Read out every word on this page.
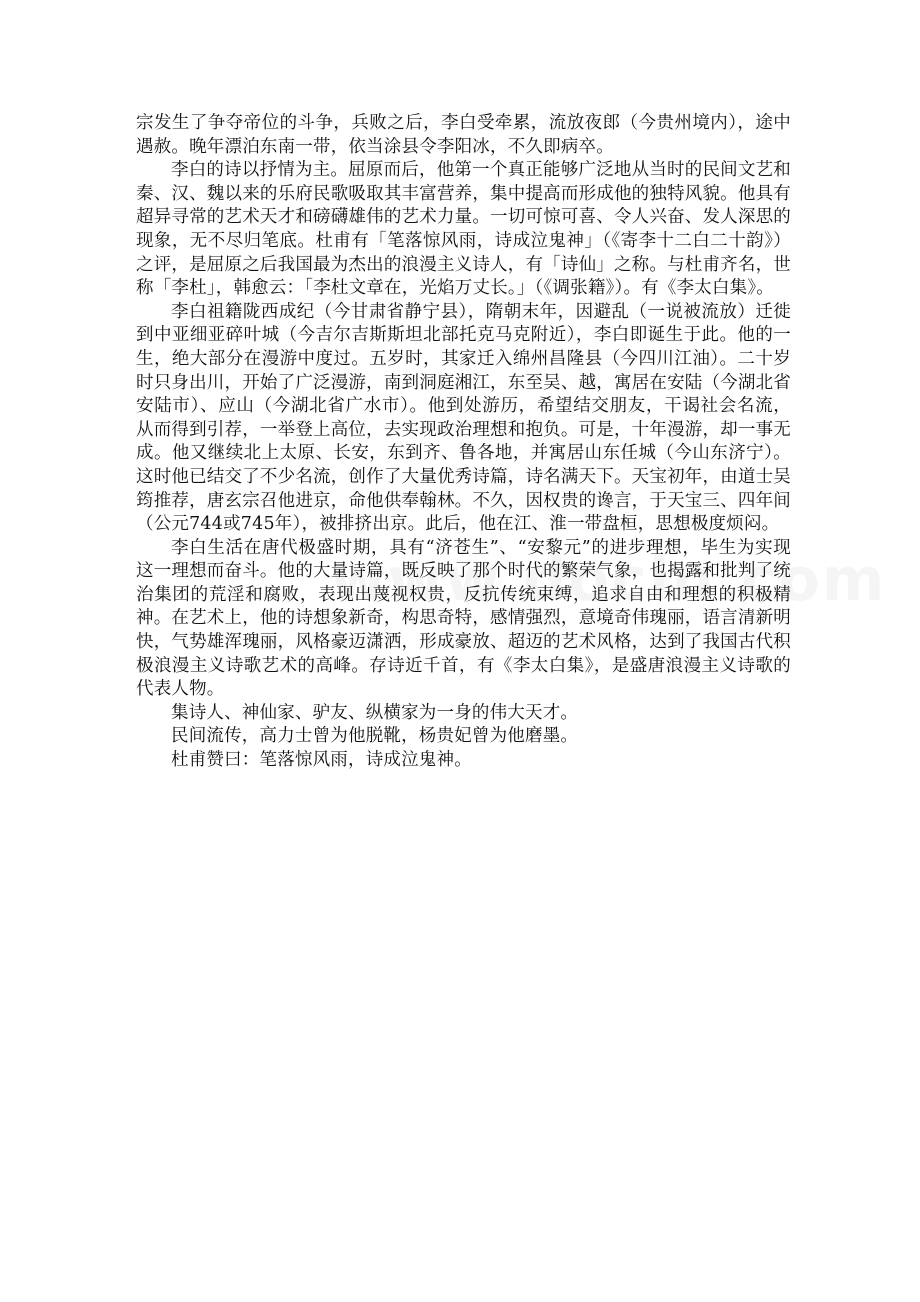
宗发生了争夺帝位的斗争，兵败之后，李白受牵累，流放夜郎（今贵州境内），途中遇赦。晚年漂泊东南一带，依当涂县令李阳冰，不久即病卒。

李白的诗以抒情为主。屈原而后，他第一个真正能够广泛地从当时的民间文艺和秦、汉、魏以来的乐府民歌吸取其丰富营养，集中提高而形成他的独特风貌。他具有超异寻常的艺术天才和磅礴雄伟的艺术力量。一切可惊可喜、令人兴奋、发人深思的现象，无不尽归笔底。杜甫有「笔落惊风雨，诗成泣鬼神」（《寄李十二白二十韵》）之评，是屈原之后我国最为杰出的浪漫主义诗人，有「诗仙」之称。与杜甫齐名，世称「李杜」，韩愈云：「李杜文章在，光焰万丈长。」（《调张籍》）。有《李太白集》。

李白祖籍陇西成纪（今甘肃省静宁县），隋朝末年，因避乱（一说被流放）迁徙到中亚细亚碎叶城（今吉尔吉斯斯坦北部托克马克附近），李白即诞生于此。他的一生，绝大部分在漫游中度过。五岁时，其家迁入绵州昌隆县（今四川江油）。二十岁时只身出川，开始了广泛漫游，南到洞庭湘江，东至吴、越，寓居在安陆（今湖北省安陆市）、应山（今湖北省广水市）。他到处游历，希望结交朋友，干谒社会名流，从而得到引荐，一举登上高位，去实现政治理想和抱负。可是，十年漫游，却一事无成。他又继续北上太原、长安，东到齐、鲁各地，并寓居山东任城（今山东济宁）。这时他已结交了不少名流，创作了大量优秀诗篇，诗名满天下。天宝初年，由道士吴筠推荐，唐玄宗召他进京，命他供奉翰林。不久，因权贵的谗言，于天宝三、四年间（公元744或745年），被排挤出京。此后，他在江、淮一带盘桓，思想极度烦闷。

李白生活在唐代极盛时期，具有“济苍生”、“安黎元”的进步理想，毕生为实现这一理想而奋斗。他的大量诗篇，既反映了那个时代的繁荣气象，也揭露和批判了统治集团的荒淫和腐败，表现出蔑视权贵，反抗传统束缚，追求自由和理想的积极精神。在艺术上，他的诗想象新奇，构思奇特，感情强烈，意境奇伟瑰丽，语言清新明快，气势雄浑瑰丽，风格豪迈潇洒，形成豪放、超迈的艺术风格，达到了我国古代积极浪漫主义诗歌艺术的高峰。存诗近千首，有《李太白集》，是盛唐浪漫主义诗歌的代表人物。

集诗人、神仙家、驴友、纵横家为一身的伟大天才。

民间流传，高力士曾为他脱靴，杨贵妃曾为他磨墨。

杜甫赞曰：笔落惊风雨，诗成泣鬼神。
